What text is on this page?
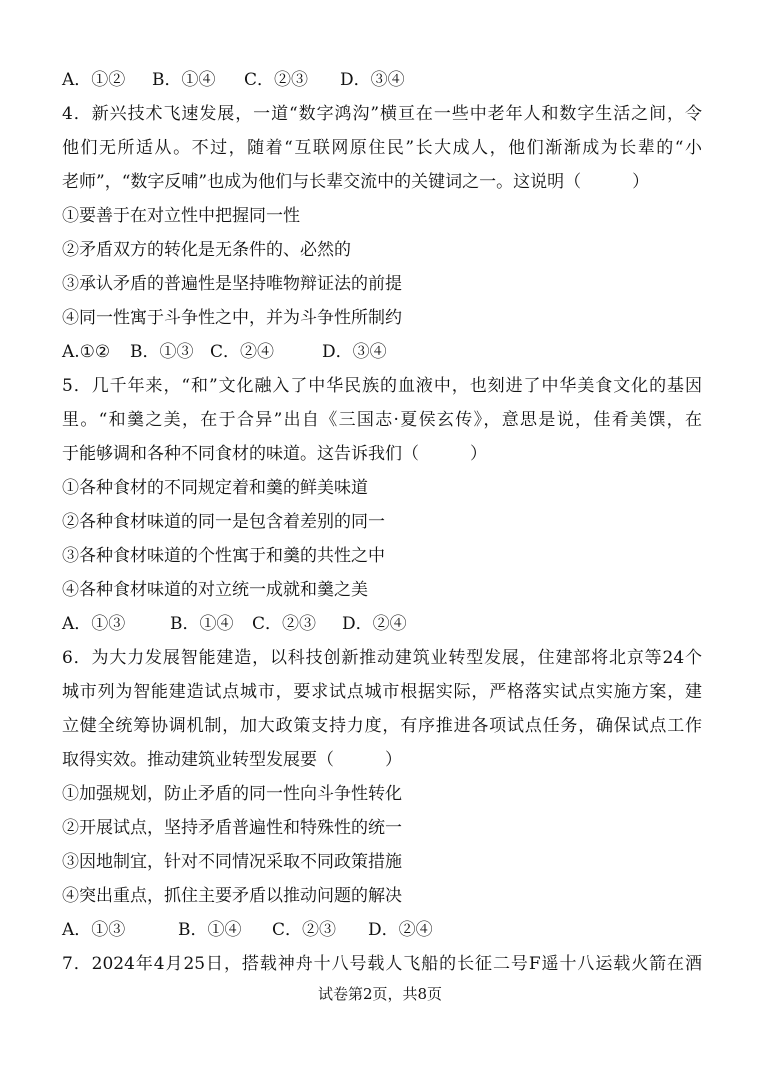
A．①② B．①④ C．②③ D．③④
4．新兴技术飞速发展，一道“数字鸿沟”横亘在一些中老年人和数字生活之间，令
他们无所适从。不过，随着“互联网原住民”长大成人，他们渐渐成为长辈的“小
老师”，“数字反哺”也成为他们与长辈交流中的关键词之一。这说明（　　　）
①要善于在对立性中把握同一性
②矛盾双方的转化是无条件的、必然的
③承认矛盾的普遍性是坚持唯物辩证法的前提
④同一性寓于斗争性之中，并为斗争性所制约
A.①② B．①③ C．②④	D．③④
5．几千年来，“和”文化融入了中华民族的血液中，也刻进了中华美食文化的基因
里。“和羹之美，在于合异”出自《三国志·夏侯玄传》，意思是说，佳肴美馔，在
于能够调和各种不同食材的味道。这告诉我们（　　　）
①各种食材的不同规定着和羹的鲜美味道
②各种食材味道的同一是包含着差别的同一
③各种食材味道的个性寓于和羹的共性之中
④各种食材味道的对立统一成就和羹之美
A．①③	B．①④ C．②③ D．②④
6．为大力发展智能建造，以科技创新推动建筑业转型发展，住建部将北京等24个
城市列为智能建造试点城市，要求试点城市根据实际，严格落实试点实施方案，建
立健全统筹协调机制，加大政策支持力度，有序推进各项试点任务，确保试点工作
取得实效。推动建筑业转型发展要（　　　）
①加强规划，防止矛盾的同一性向斗争性转化
②开展试点，坚持矛盾普遍性和特殊性的统一
③因地制宜，针对不同情况采取不同政策措施
④突出重点，抓住主要矛盾以推动问题的解决
A．①③	B．①④ C．②③ D．②④
7．2024年4月25日，搭载神舟十八号载人飞船的长征二号F遥十八运载火箭在酒
试卷第2页，共8页
